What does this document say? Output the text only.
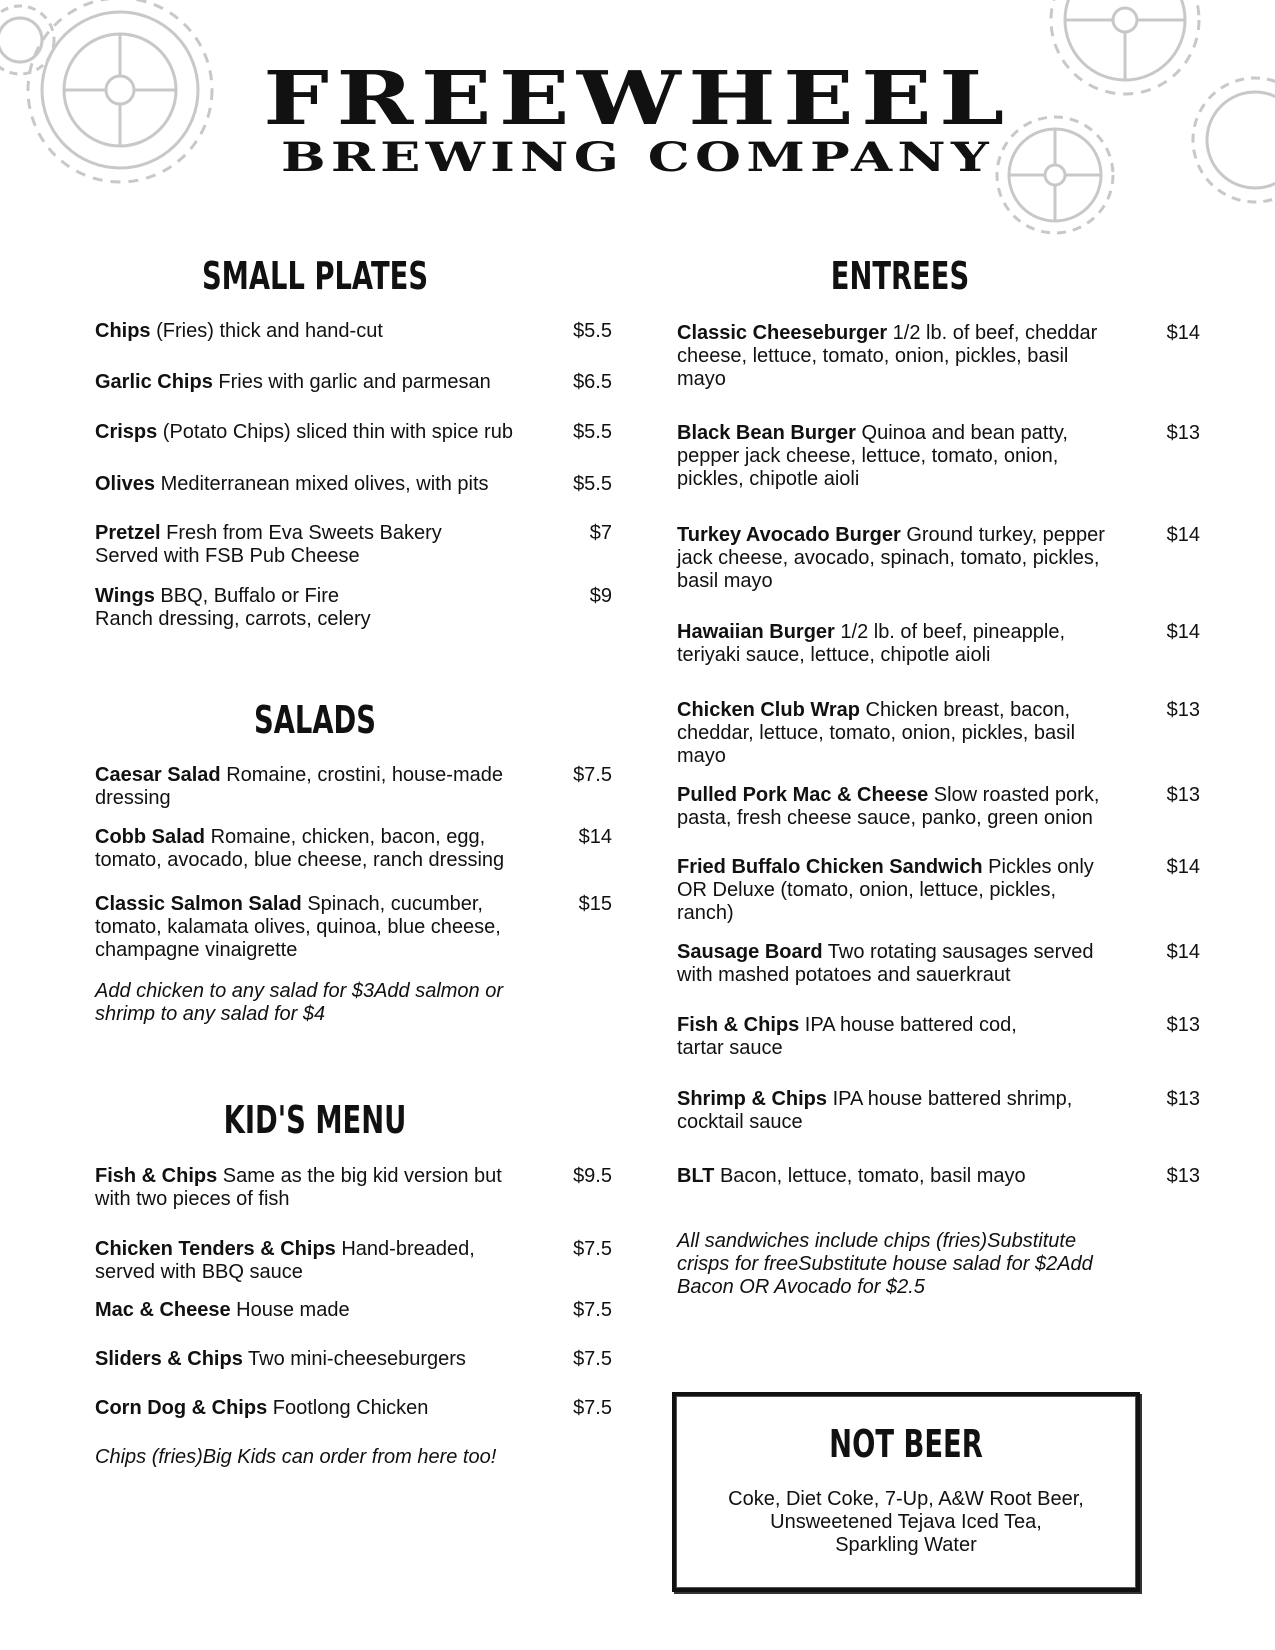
FREEWHEEL
BREWING COMPANY
SMALL PLATES
Chips (Fries) thick and hand-cut	$5.5
Garlic Chips Fries with garlic and parmesan	$6.5
Crisps (Potato Chips) sliced thin with spice rub	$5.5
Olives Mediterranean mixed olives, with pits	$5.5
Pretzel Fresh from Eva Sweets Bakery
Served with FSB Pub Cheese
$7
Wings BBQ, Buffalo or Fire
Ranch dressing, carrots, celery
$9
SALADS
Caesar Salad Romaine, crostini, house-made
dressing
$7.5
Cobb Salad Romaine, chicken, bacon, egg,
tomato, avocado, blue cheese, ranch dressing
$14
Classic Salmon Salad Spinach, cucumber,
tomato, kalamata olives, quinoa, blue cheese,
champagne vinaigrette
$15
Add chicken to any salad for $3Add salmon or shrimp to any salad for $4
KID'S MENU
Fish & Chips Same as the big kid version but
with two pieces of fish
$9.5
Chicken Tenders & Chips Hand-breaded,
served with BBQ sauce
$7.5
Mac & Cheese House made	$7.5
Sliders & Chips Two mini-cheeseburgers	$7.5
Corn Dog & Chips Footlong Chicken	$7.5
Chips (fries)Big Kids can order from here too!
ENTREES
Classic Cheeseburger 1/2 lb. of beef, cheddar
cheese, lettuce, tomato, onion, pickles, basil
mayo
$14
Black Bean Burger Quinoa and bean patty,
pepper jack cheese, lettuce, tomato, onion,
pickles, chipotle aioli
$13
Turkey Avocado Burger Ground turkey, pepper
jack cheese, avocado, spinach, tomato, pickles,
basil mayo
$14
Hawaiian Burger 1/2 lb. of beef, pineapple,
teriyaki sauce, lettuce, chipotle aioli
$14
Chicken Club Wrap Chicken breast, bacon,
cheddar, lettuce, tomato, onion, pickles, basil
mayo
$13
Pulled Pork Mac & Cheese Slow roasted pork,
pasta, fresh cheese sauce, panko, green onion
$13
Fried Buffalo Chicken Sandwich Pickles only
OR Deluxe (tomato, onion, lettuce, pickles,
ranch)
$14
Sausage Board Two rotating sausages served
with mashed potatoes and sauerkraut
$14
Fish & Chips IPA house battered cod,
tartar sauce
$13
Shrimp & Chips IPA house battered shrimp,
cocktail sauce
$13
BLT Bacon, lettuce, tomato, basil mayo	$13
All sandwiches include chips (fries)Substitute crisps for freeSubstitute house salad for $2Add Bacon OR Avocado for $2.5
NOT BEER
Coke, Diet Coke, 7-Up, A&W Root Beer,
Unsweetened Tejava Iced Tea,
Sparkling Water
